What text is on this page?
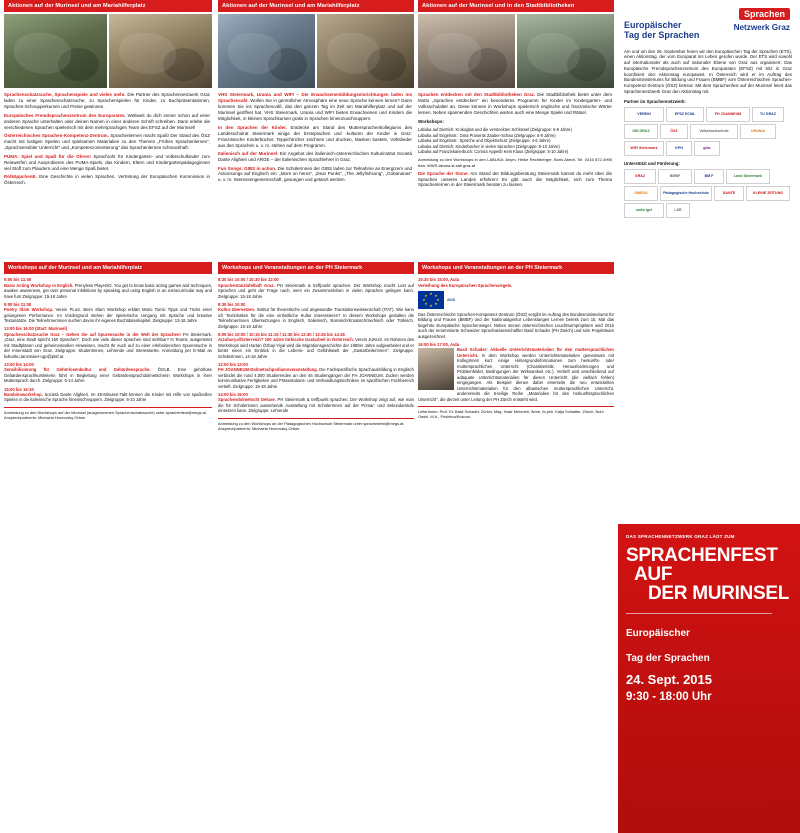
Aktionen auf der Murinsel und am Mariahilferplatz

Sprachenschatzsuche, Sprachenspiele und vieles mehr. Die Partner des Sprachennetzwerk Graz laden zu einer Sprachenschatzsuche, zu Sprachenspielen für Kinder, zu Buchpräsentationen, Sprachen-Schnupperkursen und Preise gewinnen.

Europäisches Fremdsprachenzentrum des Europarates. Weltweit du dich immer schon auf einer anderen Sprache unterhalten oder deinen Namen in einer anderen Schrift schreiben. Dann erlebe die verschiedenen Sprachen spielerisch mit dem mehrsprachigen Team des EFSZ auf der Murinsel!

Österreichisches Sprachen-Kompetenz-Zentrum. Sprachenlernen macht Spaß! Der Stand des ÖSZ macht mit lustigen Spielen und spielsamen Materialien zu den Themen „Frühes Sprachenlernen", „Sprachsensibler Unterricht" und „Kompetenzorientierung" das Sprachenlernen schmackhaft.

PUMA: Spiel und Spaß für die Ohren! Sprachrohr für Kindergarten- und Volksschulkinder zum Reinwerfen und Ausprobieren des PUMA-Spiels, das Kindern, Eltern und Kindergartenpädagoginnen viel Stoff zum Plaudern und eine Menge Spaß bietet.

RotkäppchenE. Eine Geschichte in vielen Sprachen. Vertretung der Europäischen Kommission in Österreich.

Aktionen auf der Murinsel und am Mariahilferplatz

VHS Steiermark, Urania und WIFI – Die Erwachsenenbildungseinrichtungen laden ins Sprachencafé. Wollen Sie in gemütlicher Atmosphäre eine neue Sprache kennen lernen? Dann kommen Sie ins Sprachencafé, das den ganzen Tag im Zelt am Mariahilferplatz und auf der Murinsel geöffnet hat. VHS Steiermark, Urania und WIFI bieten Erwachsenen und Kindern die Möglichkeit, in kleinen Sprachkursen gratis in Sprachen hineinzuschnuppern.

In den Sprachen der Kinder. Entdecke am Stand des Muttersprachenkollegiums des Landesschulrat Steiermark einige der Erstsprachen und -kulturen der Kinder in Graz: Französische Kinderbücher, Teppichtricher zeichnen und drucken, Masken basteln, Volkslieder aus den Sprachen u. v. m. stehen auf dem Programm.

Italienisch auf der Murinsel. Ein Angebot des italienisch-österreichischen Kulturinstitut Societá Dante Alighieri und ARGE – der italienischen Sprachlehrer in Graz.

Fun Songs: GIBS in action. Die SchülerInnen der GIBS laden zur Teilnahme an Energizern und Actionsongs auf Englisch ein: „More on heres", „Dear Punks", „The Jellyfishsong", „Gobananas" u. v. m. Interessengemeinschaft, gesungen und getanzt werden.

Aktionen auf der Murinsel und in den Stadtbibliotheken

Sprachen entdecken mit den Stadtbibliotheken Graz. Die Stadtbibliothek bietet unter dem Motto „Sprachen entdecken" ein besonderes Programm für Kinder im Kindergarten- und Volksschulalter an. Diese können in Workshops spielerisch englische und französische Wörter lernen. Neben spannenden Geschichten warten auch eine Menge Spiele und Rätsel.

Workshops:

Labuka auf Dietrich: Krokoglas und die versteckten Schlüssel (Zielgruppe: 6-9 Jahre)
Labuka auf Engelsstr.: Oma Prosents Zauber-Schau (Zielgruppe: 5-9 Jahre)
Labuka auf Engelsstr.: Sprüche und Objektschutz (Zielgruppe: 4-6 Jahre)
Labuka auf Dietrich: Kinderbücher in vielen Sprachen (Zielgruppe: 5-10 Jahre)
Labuka auf Franziskanerbuch: Comics Appetit! Kein Klaus (Zielgruppe: 5-10 Jahre)

Anmeldung zu den Workshops in den LABUKA: Anym. Heike Rechtberger, Boris Abedt, Tel. 0316 872-4995 bzw. WWS.labuka.st.safi.graz.at

Die Sprache der Sinne. Am Stand der Bildungsberatung Steiermark kannst du mehr über die Sprachen unseres Landes erfahren! Es gibt auch die Möglichkeit, sich zum Thema Sprachenlernen in der Steiermark beraten zu lassen.

Sprachen
Netzwerk Graz
Europäischer
Tag der Sprachen
Am und um den 26. September feiern wir den Europäischen Tag der Sprachen (ETS), einen Aktionstag, der vom Europarat ins Leben gerufen wurde. Der ETS wird sowohl auf internationaler als auch auf nationaler Ebene von Graz aus organisiert: Das Europäische Fremdsprachenzentrum des Europarates (EFSZ) mit Sitz in Graz koordiniert den Aktionstag europaweit. In Österreich wird er im Auftrag des Bundesministeriums für Bildung und Frauen (BMBF) vom Österreichischen Sprachen-Kompetenz-Zentrum (ÖSZ) betreut. Mit dem Sprachenfest auf der Murinsel feiert das Sprachennetzwerk Graz den Aktionstag mit.
Partner im Sprachennetzwerk:
VEREIN	EFSZ ECML	FH JOANNEUM	TU GRAZ
UNI GRAZ	ÖSZ	Volkshochschule	URANIA
WIFI Steiermark	KPH	gibs
Unterstützt und Förderung:
GRAZ	BMBF	BM F	Land Steiermark
OMEGA	Pädagogische Hochschule	DANTE	KLEINE ZEITUNG
radio igel	LSR
Workshops auf der Murinsel und am Mariahilferplatz

9:00 bis 11:00
Basic Acting Workshop in English. Prenyless PlayersO. You get to know basic acting games and techniques, awaken awareness, get over personal inhibitions by speaking and using English in an extracurricular way and have fun! Zielgruppe: 15-18 Jahre

9:00 bis 11:00
Poetry Slam Workshop. Verein PLuS. Beim Slam Workshop erklärt Mario Tomic Tipps und Tricks einer gelungenen Performance. Im Vordergrund stehen der spielerische Umgang mit Sprache und kreative Textansätze. Die TeilnehmerInnen suchen davon ihr eigenes Buchtdatenkapitel. Zielgruppe: 13-18 Jahre

13:00 bis 16:00 (Start: Murinsel)
Sprachenschatzsuche Graz – Gehen Sie auf Spurensuche in der Welt der Sprachen! FH Steiermark. „Graz, eine Stadt spricht 150 Sprachen". Doch wie viele dieser Sprachen sind sichtbar? In Teams, ausgerüstet mit Stadtplänen und geheimnisvollen Hinweisen, macht Ihr euch auf zu einer erlebnisreichen Spurensuche in der Innenstadt von Graz. Zielgruppe: StudentInnen, Lehrende und Interessierte. Anmeldung per E-Mail an kulturiku.tanzmaier-ugo@ptsf.at.

13:00 bis 14:00
Sensibilisierung für Gehörlosenkultur und Gebärdensprache. ÖGLB. Eine gehörlose Gebärdensprachkursleiterin führt in Begleitung einer Gebärdensprachdolmetscherin Workshops in ihrer Muttersprach durch. Zielgruppe: 6-14 Jahre

15:00 bis 16:30
Bambinoworkshop. Societá Dante Alighieri. Im 45-Minuten-Takt können die Kinder mit Hilfe von spaßvollen Spielen in die italienische Sprache hineinschnuppern. Zielgruppe: 6-10 Jahre

Anmeldung zu den Workshops auf der Murinsel (ausgenommen Sprachenschatzsuche) unter sprachenfest@megs.at. AnsprechpartnerIn: Michaela Hronovsky-Ortner
Workshops und Veranstaltungen an der PH Steiermark

8:30 bis 10:00 / 10:30 bis 12:00
Sprachentanztafelbaft Graz. PH Steiermark & treffpunkt sprachen. Der Workshop macht Lust auf Sprachen und geht der Frage nach, wem ein Zusammenleben in vielen Sprachen gelingen kann. Zielgruppe: 15-18 Jahre

8:30 bis 10:00
Kultur übersetzen. Institut für theoretische und angewandte Translationswissenschaft (ITAT). Wie kann ich Textinhalten für die eine einheitliche Kultur interessieren? In diesem Workshops gestalten die TeilnehmerInnen Übersetzungen in Englisch, Italienisch, Bosnisch/Kroatisch/Serbisch oder Türkisch. Zielgruppe: 15-18 Jahre

9:00 bis 10:00 / 10:15 bis 11:15 / 11:30 bis 12:30 / 13:45 bis 14:45
Arzuburya/Österreich? 100 Jahre türkische Gastarbeit in Österreich. Verein JUKUS. Im Rahmen des Workshops wird Hartan Özbay-Yiyal wird die Migrationsgeschichte der 1960er Jahre aufgearbeitet und er bietet einen ein Einblick in die Lebens- und Gefühlswelt der „Gastarbeiterinnen". Zielgruppe: SchülerInnen, 14-18 Jahre

12:00 bis 13:00
FH JOANNEUM-Dolmetschpodiumsveranstaltung. Die Fachspezifische Sprachausbildung in Englisch verbindet die rund 4.000 Studierenden an den 46 Studiengängen der FH JOANNEUM. Zudem werden kommunikative Fertigkeiten und Präsentations- und Verhandlungstechniken im spezifischen Fachbereich vertieft. Zielgruppe: 15-18 Jahre

14:00 bis 16:00
Sprachendolmetscht Deluxe. PH Steiermark & treffpunkt sprachen. Der Workshop zeigt auf, wie man die für Schülerinnen aussehende Ausstellung mit SchülerInnen auf der Primar- und Sekundarstufe einsetzen kann. Zielgruppe: Lehrende

Anmeldung zu den Workshops an der Pädagogischen Hochschule Steiermark unter sprachenfest@megs.at. AnsprechpartnerIn: Michaela Hronovsky-Ortner
Workshops und Veranstaltungen an der PH Steiermark

15:30 bis 15:00, Aula
Verleihung des Europäischen Sprachensiegels.

★ ★
★
★
★
★
★
★
2015

Das Österreichische Sprachen-Kompetenz-Zentrum (ÖSZ) vergibt im Auftrag des Bundesministeriums für Bildung und Frauen (BMBF) und der Nationalagentur Lebenslanges Lernen bereits zum 15. Mal das begehrte Europäische Sprachensiegel. Neben seinen österreichischen Leuchtturmprojekten wird 2015 auch der renommierte Schweizer Sprachwissenschaftler Basil Schader (PH Zürich) und sein Projektteam ausgezeichnet.

16:00 bis 17:00, Aula

Basil Schader: Aktuelle Unterrichtsmaterialien für den muttersprachlichen Unterricht. In dem Workshop werden Unterrichtsmaterialien gemeinsam mit KollegInnen kurz einige Hintergrundinformationen zum herkunfts- oder muttersprachlichen Unterricht (Charakteristik, Herausforderungen und Problemfelder, Bedingungen der Wirksamkeit etc.). Vertieft wird anschließend auf adäquate Unterrichtsmaterialien für diesen Unterricht (die vielfach fehlen) eingegangen. Als Beispiel dienen dabei einerseits die neu entwickelten Unterrichtsmaterialien für den albanischen muttersprachlichen Unterricht, andererseits die 6-teilige Reihe „Materialien für den herkunftssprachlichen Unterricht", die derzeit unter Leitung der PH Zürich entsteht wird.

LeiterInnen: Prof. Dr. Basil Schader, Zürich; Mag. Hasir Mehmeti, Wore; lic.phil. Katja Schlatter, Zürich, Nuhi Gashi, M.A., Prishtina/Kosova.
DAS SPRACHENNETZWERK GRAZ LÄDT ZUM
SPRACHENFEST
AUF
DER MURINSEL
Europäischer
Tag der Sprachen
24. Sept. 2015
9:30 - 18:00 Uhr
